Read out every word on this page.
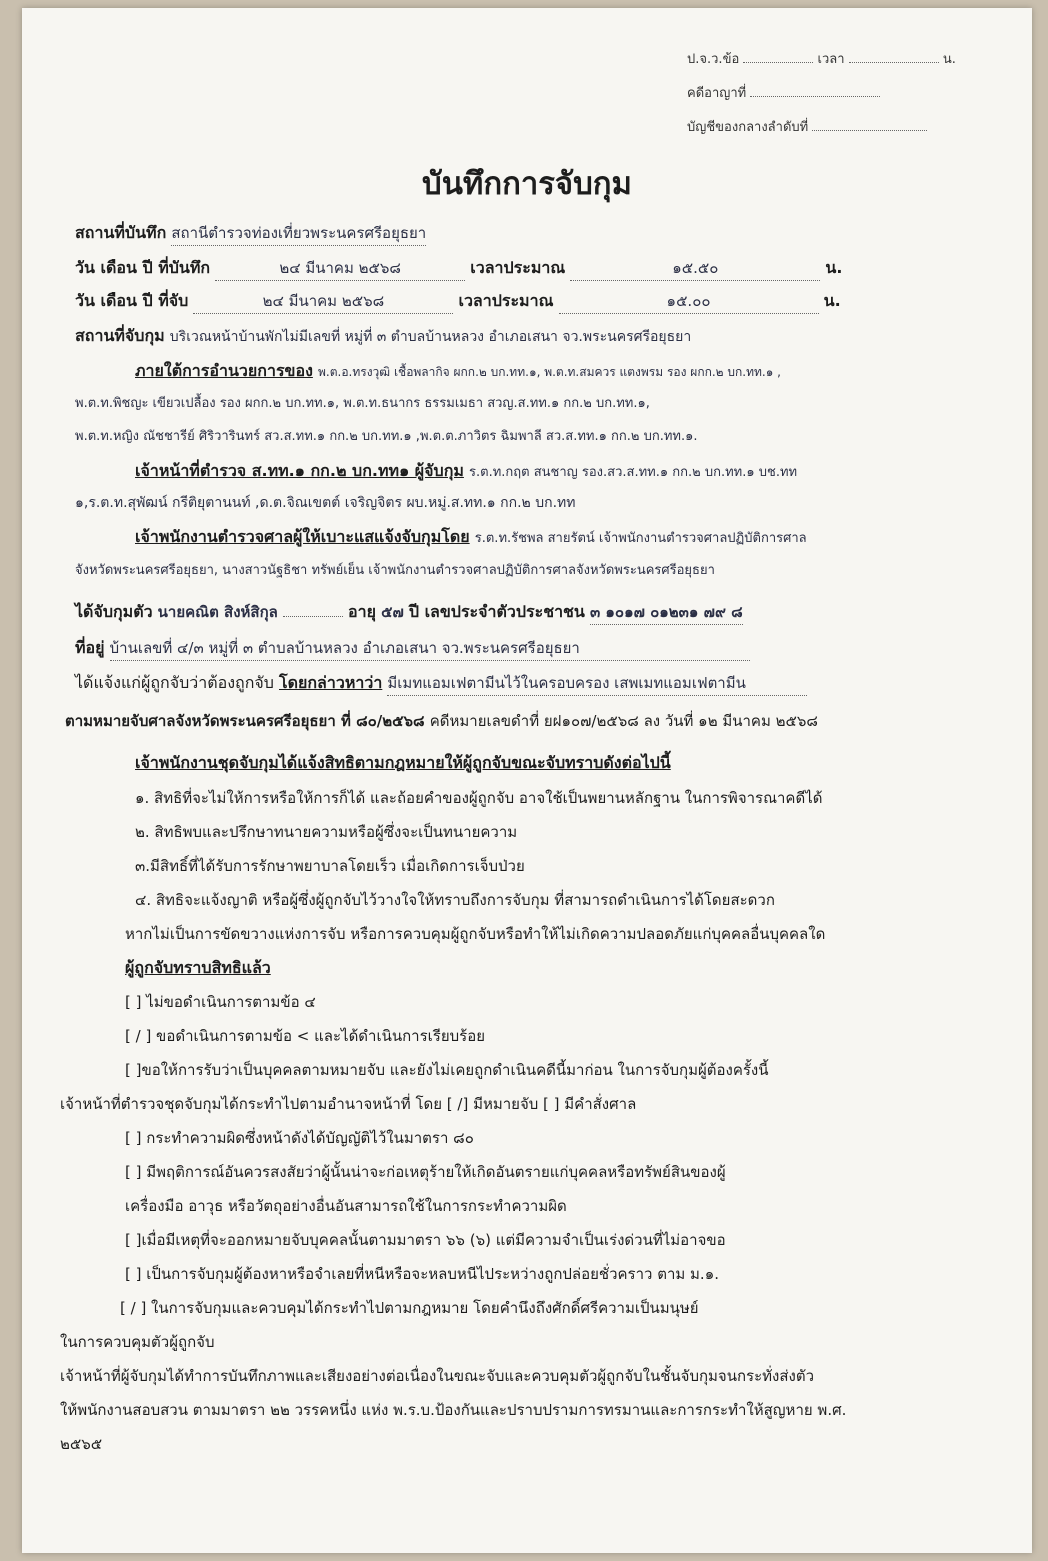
ป.จ.ว.ข้อ	เวลา	น.
คดีอาญาที่
บัญชีของกลางลำดับที่
บันทึกการจับกุม
สถานที่บันทึก สถานีตำรวจท่องเที่ยวพระนครศรีอยุธยา
วัน เดือน ปี ที่บันทึก	๒๔ มีนาคม ๒๕๖๘	เวลาประมาณ	๑๕.๕๐	น.
วัน เดือน ปี ที่จับ	๒๔ มีนาคม ๒๕๖๘	เวลาประมาณ	๑๕.๐๐	น.
สถานที่จับกุม บริเวณหน้าบ้านพักไม่มีเลขที่ หมู่ที่ ๓ ตำบลบ้านหลวง อำเภอเสนา จว.พระนครศรีอยุธยา
ภายใต้การอำนวยการของ พ.ต.อ.ทรงวุฒิ เชื้อพลากิจ ผกก.๒ บก.ทท.๑, พ.ต.ท.สมควร แตงพรม รอง ผกก.๒ บก.ทท.๑ ,
พ.ต.ท.พิชญะ เขียวเปลื้อง รอง ผกก.๒ บก.ทท.๑, พ.ต.ท.ธนากร ธรรมเมธา สวญ.ส.ทท.๑ กก.๒ บก.ทท.๑,
พ.ต.ท.หญิง ณัชชารีย์ ศิริวารินทร์ สว.ส.ทท.๑ กก.๒ บก.ทท.๑ ,พ.ต.ต.ภาวิตร ฉิมพาลี สว.ส.ทท.๑ กก.๒ บก.ทท.๑.
เจ้าหน้าที่ตำรวจ ส.ทท.๑ กก.๒ บก.ทท๑ ผู้จับกุม ร.ต.ท.กฤต สนชาญ รอง.สว.ส.ทท.๑ กก.๒ บก.ทท.๑ บช.ทท
๑,ร.ต.ท.สุพัฒน์ กรีติยุตานนท์ ,ด.ต.จิณเขตต์ เจริญจิตร ผบ.หมู่.ส.ทท.๑ กก.๒ บก.ทท
เจ้าพนักงานตำรวจศาลผู้ให้เบาะแสแจ้งจับกุมโดย ร.ต.ท.รัชพล สายรัตน์ เจ้าพนักงานตำรวจศาลปฏิบัติการศาล
จังหวัดพระนครศรีอยุธยา, นางสาวนัฐธิชา ทรัพย์เย็น เจ้าพนักงานตำรวจศาลปฏิบัติการศาลจังหวัดพระนครศรีอยุธยา
ได้จับกุมตัว นายคณิต สิงห์สิกุล	อายุ ๕๗ ปี เลขประจำตัวประชาชน ๓ ๑๐๑๗ ๐๑๒๓๑ ๗๙ ๘
ที่อยู่ บ้านเลขที่ ๔/๓ หมู่ที่ ๓ ตำบลบ้านหลวง อำเภอเสนา จว.พระนครศรีอยุธยา
ได้แจ้งแก่ผู้ถูกจับว่าต้องถูกจับ โดยกล่าวหาว่า มีเมทแอมเฟตามีนไว้ในครอบครอง เสพเมทแอมเฟตามีน
ตามหมายจับศาลจังหวัดพระนครศรีอยุธยา ที่ ๘๐/๒๕๖๘ คดีหมายเลขดำที่ ยฝ๑๐๗/๒๕๖๘ ลง วันที่ ๑๒ มีนาคม ๒๕๖๘
เจ้าพนักงานชุดจับกุมได้แจ้งสิทธิตามกฎหมายให้ผู้ถูกจับขณะจับทราบดังต่อไปนี้
๑. สิทธิที่จะไม่ให้การหรือให้การก็ได้ และถ้อยคำของผู้ถูกจับ อาจใช้เป็นพยานหลักฐาน ในการพิจารณาคดีได้
๒. สิทธิพบและปรึกษาทนายความหรือผู้ซึ่งจะเป็นทนายความ
๓.มีสิทธิ์ที่ได้รับการรักษาพยาบาลโดยเร็ว เมื่อเกิดการเจ็บป่วย
๔. สิทธิจะแจ้งญาติ หรือผู้ซึ่งผู้ถูกจับไว้วางใจให้ทราบถึงการจับกุม ที่สามารถดำเนินการได้โดยสะดวก
หากไม่เป็นการขัดขวางแห่งการจับ หรือการควบคุมผู้ถูกจับหรือทำให้ไม่เกิดความปลอดภัยแก่บุคคลอื่นบุคคลใด
ผู้ถูกจับทราบสิทธิแล้ว
[ ] ไม่ขอดำเนินการตามข้อ ๔
[ / ] ขอดำเนินการตามข้อ < และได้ดำเนินการเรียบร้อย
[ ]ขอให้การรับว่าเป็นบุคคลตามหมายจับ และยังไม่เคยถูกดำเนินคดีนี้มาก่อน ในการจับกุมผู้ต้องครั้งนี้
เจ้าหน้าที่ตำรวจชุดจับกุมได้กระทำไปตามอำนาจหน้าที่ โดย [ /] มีหมายจับ [ ] มีคำสั่งศาล
[ ] กระทำความผิดซึ่งหน้าดังได้บัญญัติไว้ในมาตรา ๘๐
[ ] มีพฤติการณ์อันควรสงสัยว่าผู้นั้นน่าจะก่อเหตุร้ายให้เกิดอันตรายแก่บุคคลหรือทรัพย์สินของผู้
เครื่องมือ อาวุธ หรือวัตถุอย่างอื่นอันสามารถใช้ในการกระทำความผิด
[ ]เมื่อมีเหตุที่จะออกหมายจับบุคคลนั้นตามมาตรา ๖๖ (๖) แต่มีความจำเป็นเร่งด่วนที่ไม่อาจขอ
[ ] เป็นการจับกุมผู้ต้องหาหรือจำเลยที่หนีหรือจะหลบหนีไประหว่างถูกปล่อยชั่วคราว ตาม ม.๑.
[ / ] ในการจับกุมและควบคุมได้กระทำไปตามกฎหมาย โดยคำนึงถึงศักดิ์ศรีความเป็นมนุษย์
ในการควบคุมตัวผู้ถูกจับ
เจ้าหน้าที่ผู้จับกุมได้ทำการบันทึกภาพและเสียงอย่างต่อเนื่องในขณะจับและควบคุมตัวผู้ถูกจับในชั้นจับกุมจนกระทั่งส่งตัว
ให้พนักงานสอบสวน ตามมาตรา ๒๒ วรรคหนึ่ง แห่ง พ.ร.บ.ป้องกันและปราบปรามการทรมานและการกระทำให้สูญหาย พ.ศ.
๒๕๖๕
